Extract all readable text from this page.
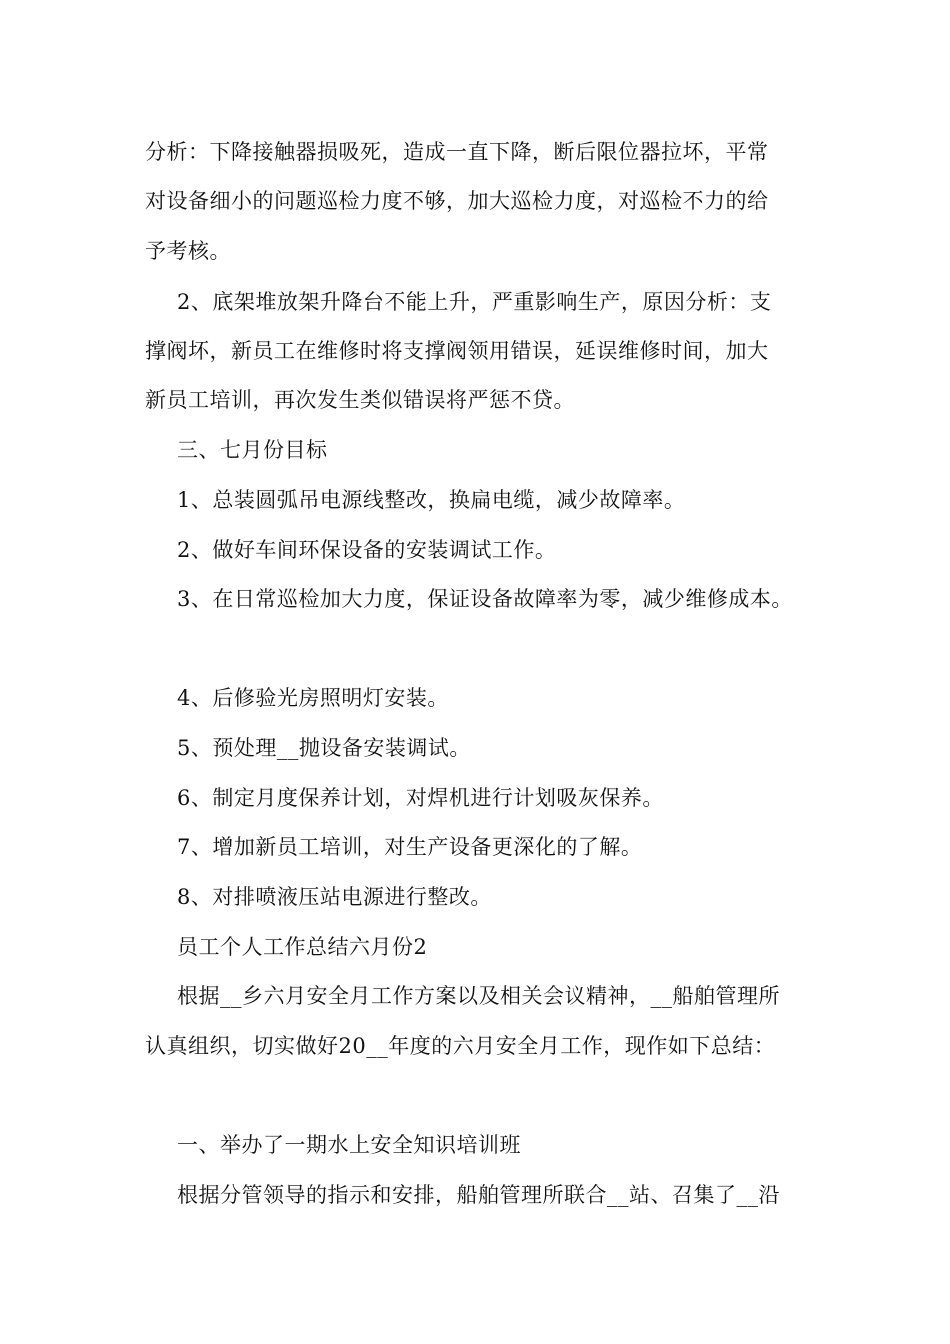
分析：下降接触器损吸死，造成一直下降，断后限位器拉坏，平常
对设备细小的问题巡检力度不够，加大巡检力度，对巡检不力的给
予考核。
2、底架堆放架升降台不能上升，严重影响生产，原因分析：支
撑阀坏，新员工在维修时将支撑阀领用错误，延误维修时间，加大
新员工培训，再次发生类似错误将严惩不贷。
三、七月份目标
1、总装圆弧吊电源线整改，换扁电缆，减少故障率。
2、做好车间环保设备的安装调试工作。
3、在日常巡检加大力度，保证设备故障率为零，减少维修成本。
4、后修验光房照明灯安装。
5、预处理__抛设备安装调试。
6、制定月度保养计划，对焊机进行计划吸灰保养。
7、增加新员工培训，对生产设备更深化的了解。
8、对排喷液压站电源进行整改。
员工个人工作总结六月份2
根据__乡六月安全月工作方案以及相关会议精神，__船舶管理所
认真组织，切实做好20__年度的六月安全月工作，现作如下总结：
一、举办了一期水上安全知识培训班
根据分管领导的指示和安排，船舶管理所联合__站、召集了__沿
